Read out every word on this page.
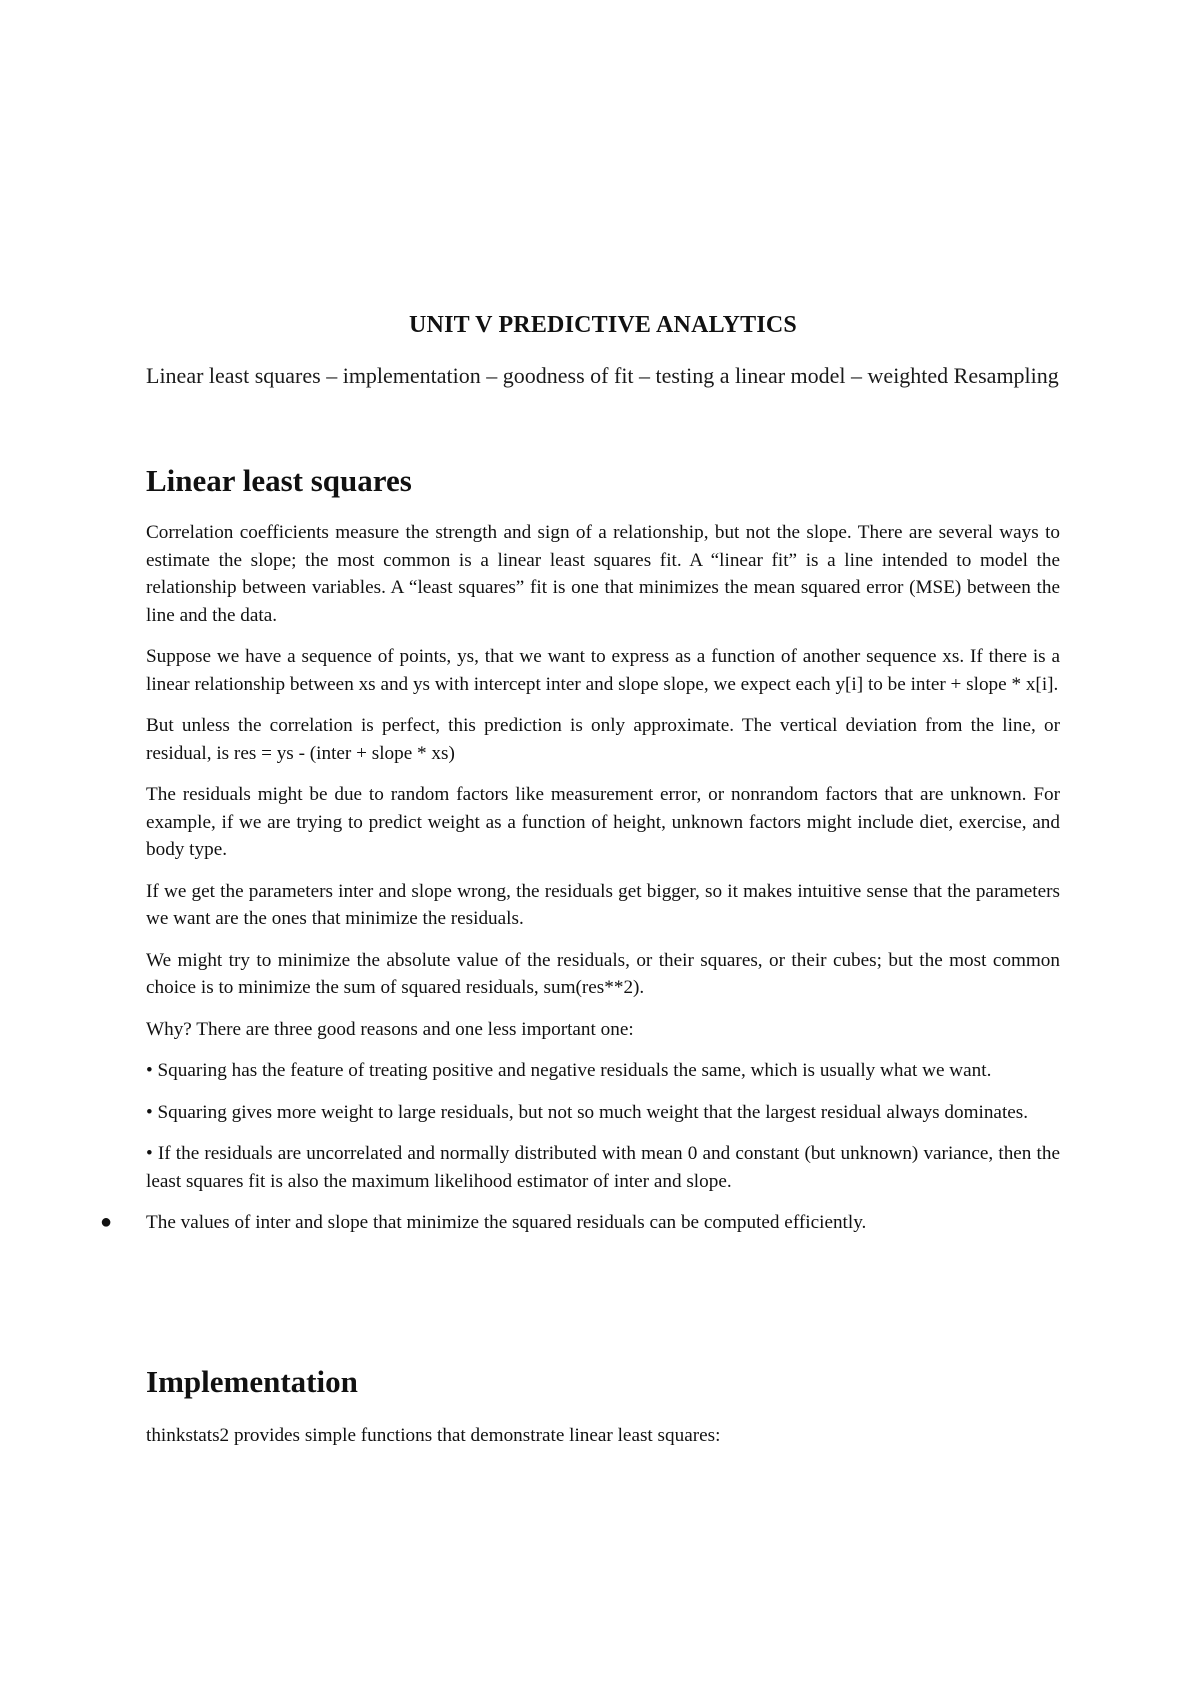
UNIT V PREDICTIVE ANALYTICS

Linear least squares – implementation – goodness of fit – testing a linear model – weighted Resampling

Linear least squares

Correlation coefficients measure the strength and sign of a relationship, but not the slope. There are several ways to estimate the slope; the most common is a linear least squares fit. A “linear fit” is a line intended to model the relationship between variables. A “least squares” fit is one that minimizes the mean squared error (MSE) between the line and the data.

Suppose we have a sequence of points, ys, that we want to express as a function of another sequence xs. If there is a linear relationship between xs and ys with intercept inter and slope slope, we expect each y[i] to be inter + slope * x[i].

But unless the correlation is perfect, this prediction is only approximate. The vertical deviation from the line, or residual, is res = ys - (inter + slope * xs)

The residuals might be due to random factors like measurement error, or nonrandom factors that are unknown. For example, if we are trying to predict weight as a function of height, unknown factors might include diet, exercise, and body type.

If we get the parameters inter and slope wrong, the residuals get bigger, so it makes intuitive sense that the parameters we want are the ones that minimize the residuals.

We might try to minimize the absolute value of the residuals, or their squares, or their cubes; but the most common choice is to minimize the sum of squared residuals, sum(res**2).

Why? There are three good reasons and one less important one:

• Squaring has the feature of treating positive and negative residuals the same, which is usually what we want.

• Squaring gives more weight to large residuals, but not so much weight that the largest residual always dominates.

• If the residuals are uncorrelated and normally distributed with mean 0 and constant (but unknown) variance, then the least squares fit is also the maximum likelihood estimator of inter and slope.

● The values of inter and slope that minimize the squared residuals can be computed efficiently.
Implementation

thinkstats2 provides simple functions that demonstrate linear least squares:
